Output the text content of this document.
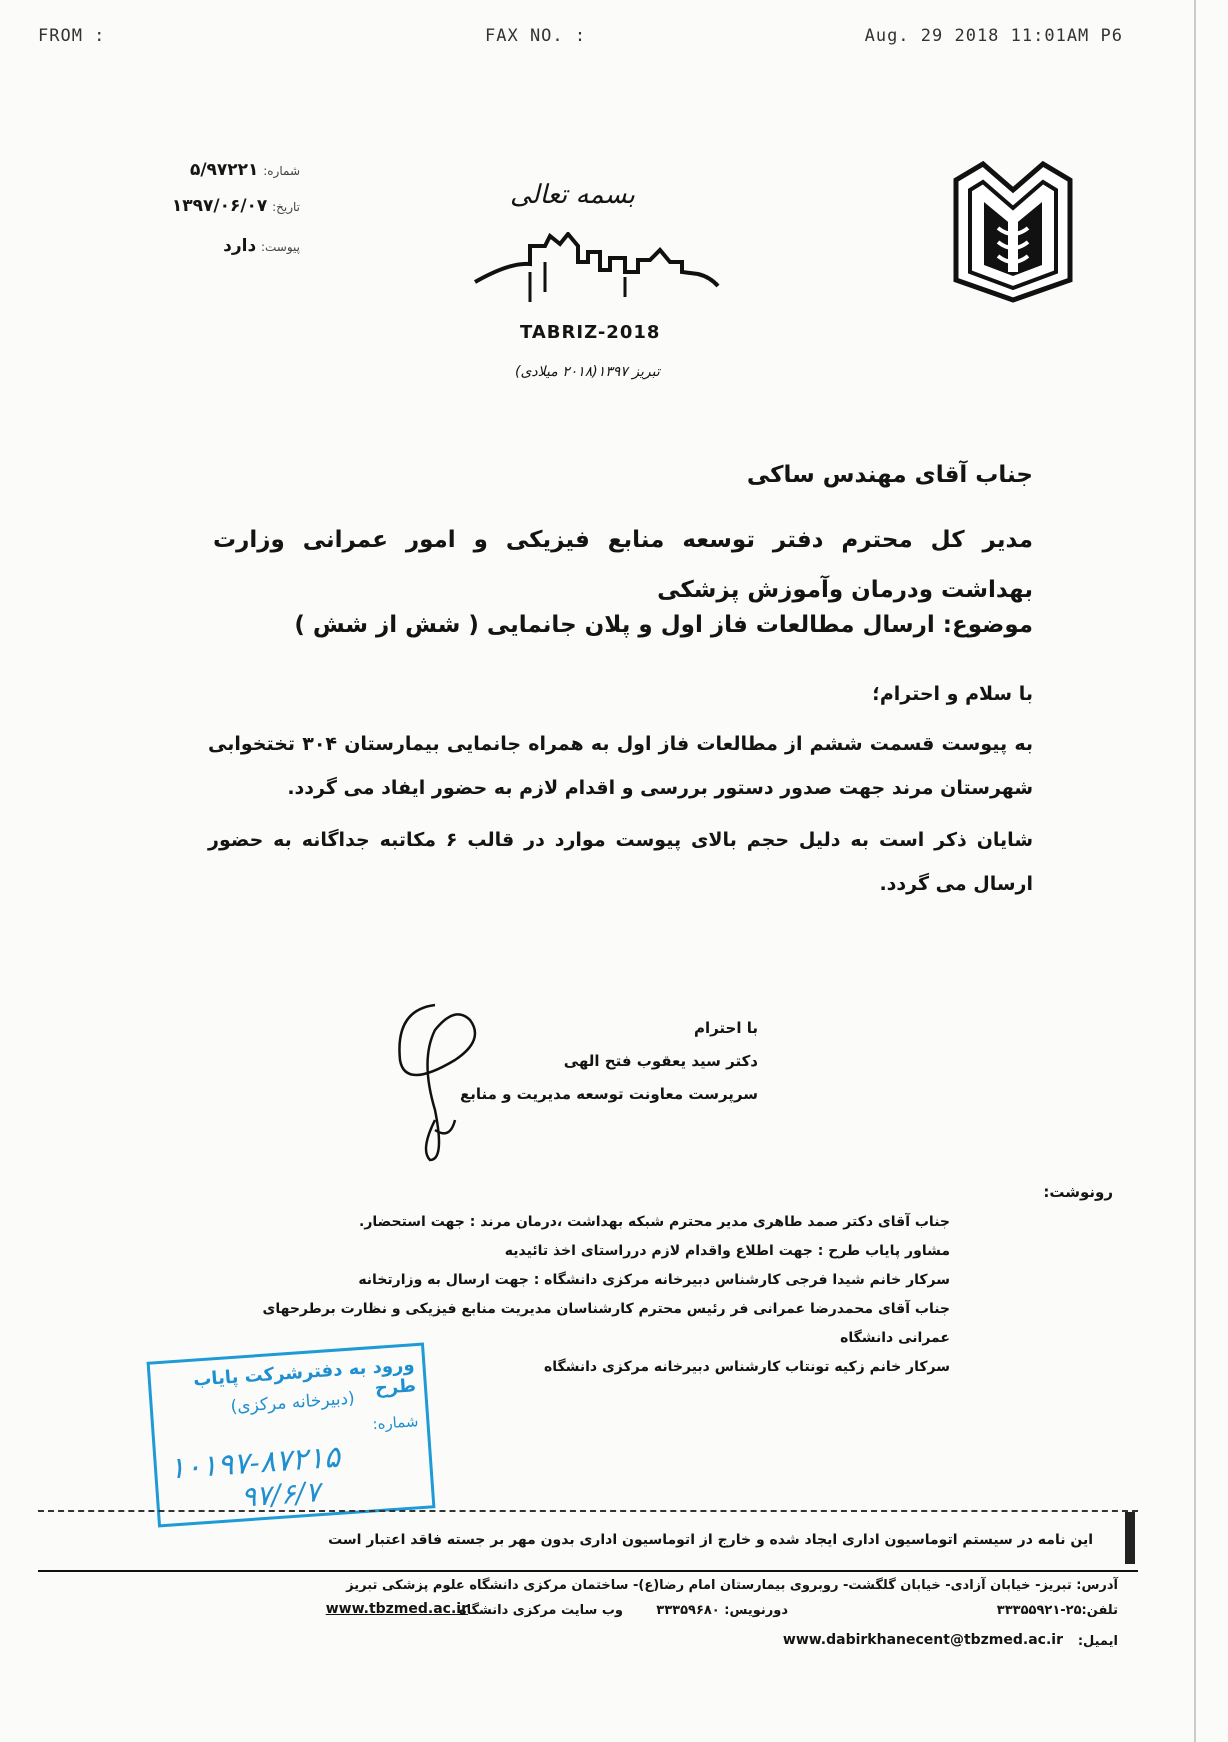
FROM :	FAX NO. :	Aug. 29 2018 11:01AM P6
شماره: ۵/۹۷۲۲۱
تاریخ: ۱۳۹۷/۰۶/۰۷
پیوست: دارد
بسمه تعالی
TABRIZ-2018
تبریز ۱۳۹۷(۲۰۱۸ میلادی)
جناب آقای مهندس ساکی
مدیر کل محترم دفتر توسعه منابع فیزیکی و امور عمرانی وزارت بهداشت ودرمان وآموزش پزشکی
موضوع: ارسال مطالعات فاز اول و پلان جانمایی ( شش از شش )
با سلام و احترام؛
به پیوست قسمت ششم از مطالعات فاز اول به همراه جانمایی بیمارستان ۳۰۴ تختخوابی شهرستان مرند جهت صدور دستور بررسی و اقدام لازم به حضور ایفاد می گردد.
شایان ذکر است به دلیل حجم بالای پیوست موارد در قالب ۶ مکاتبه جداگانه به حضور ارسال می گردد.
با احترام
دکتر سید یعقوب فتح الهی
سرپرست معاونت توسعه مدیریت و منابع
رونوشت:
جناب آقای دکتر صمد طاهری مدیر محترم شبکه بهداشت ،درمان مرند : جهت استحضار.
مشاور پایاب طرح : جهت اطلاع واقدام لازم درراستای اخذ تائیدیه
سرکار خانم شیدا فرجی کارشناس دبیرخانه مرکزی دانشگاه : جهت ارسال به وزارتخانه
جناب آقای محمدرضا عمرانی فر رئیس محترم کارشناسان مدیریت منابع فیزیکی و نظارت برطرحهای عمرانی دانشگاه
سرکار خانم زکیه تونتاب کارشناس دبیرخانه مرکزی دانشگاه
ورود به دفترشرکت پایاب طرح
(دبیرخانه مرکزی)
شماره:
۱۰۱۹۷-۸۷۲۱۵
۹۷/۶/۷
این نامه در سیستم اتوماسیون اداری ایجاد شده و خارج از اتوماسیون اداری بدون مهر بر جسته فاقد اعتبار است
آدرس: تبریز- خیابان آزادی- خیابان گلگشت- روبروی بیمارستان امام رضا(ع)- ساختمان مرکزی دانشگاه علوم پزشکی تبریز
تلفن:۲۵-۳۳۳۵۵۹۲۱
دورنویس: ۳۳۳۵۹۶۸۰
وب سایت مرکزی دانشگاه
www.tbzmed.ac.ir
ایمیل:
www.dabirkhanecent@tbzmed.ac.ir
